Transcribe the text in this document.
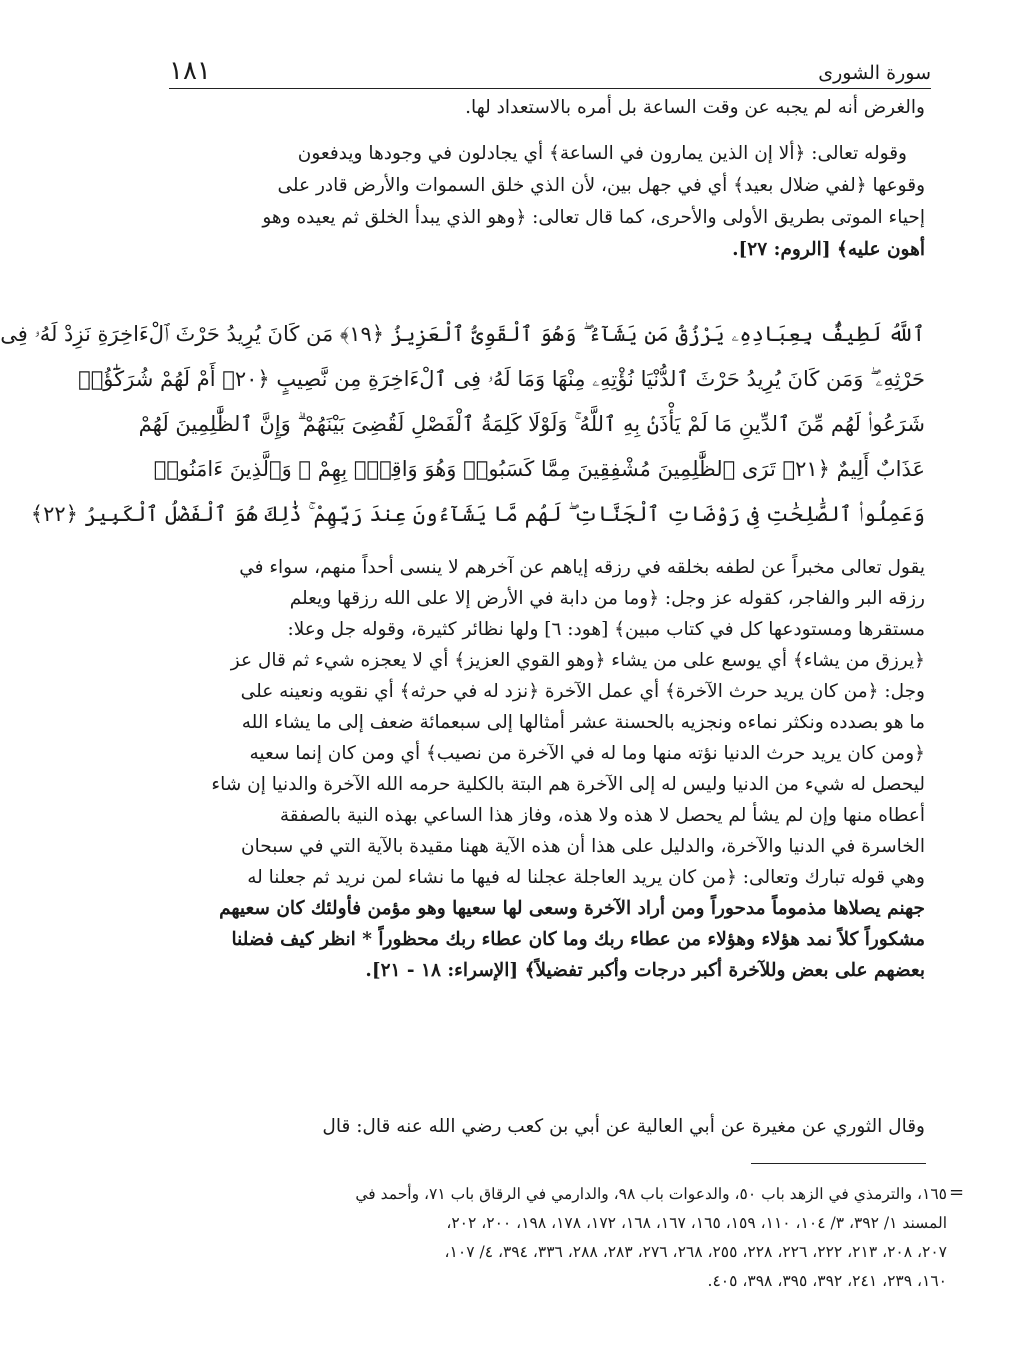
سورة الشورى
١٨١
والغرض أنه لم يجبه عن وقت الساعة بل أمره بالاستعداد لها.
وقوله تعالى: ﴿ألا إن الذين يمارون في الساعة﴾ أي يجادلون في وجودها ويدفعون
وقوعها ﴿لفي ضلال بعيد﴾ أي في جهل بين، لأن الذي خلق السموات والأرض قادر على
إحياء الموتى بطريق الأولى والأحرى، كما قال تعالى: ﴿وهو الذي يبدأ الخلق ثم يعيده وهو
أهون عليه﴾ [الروم: ٢٧].
ٱللَّهُ لَطِيفٌۢ بِعِبَادِهِۦ يَرْزُقُ مَن يَشَآءُ ۖ وَهُوَ ٱلْقَوِىُّ ٱلْعَزِيزُ ﴿١٩﴾ مَن كَانَ يُرِيدُ حَرْثَ ٱلْءَاخِرَةِ نَزِدْ لَهُۥ فِى
حَرْثِهِۦ ۖ وَمَن كَانَ يُرِيدُ حَرْثَ ٱلدُّنْيَا نُؤْتِهِۦ مِنْهَا وَمَا لَهُۥ فِى ٱلْءَاخِرَةِ مِن نَّصِيبٍ ﴿٢٠﴾ أَمْ لَهُمْ شُرَكَٰٓؤُا۟
شَرَعُوا۟ لَهُم مِّنَ ٱلدِّينِ مَا لَمْ يَأْذَنۢ بِهِ ٱللَّهُ ۚ وَلَوْلَا كَلِمَةُ ٱلْفَصْلِ لَقُضِىَ بَيْنَهُمْ ۗ وَإِنَّ ٱلظَّٰلِمِينَ لَهُمْ
عَذَابٌ أَلِيمٌ ﴿٢١﴾ تَرَى ٱلظَّٰلِمِينَ مُشْفِقِينَ مِمَّا كَسَبُوا۟ وَهُوَ وَاقِعٌۢ بِهِمْ ۗ وَٱلَّذِينَ ءَامَنُوا۟
وَعَمِلُوا۟ ٱلصَّٰلِحَٰتِ فِى رَوْضَاتِ ٱلْجَنَّاتِ ۖ لَهُم مَّا يَشَآءُونَ عِندَ رَبِّهِمْ ۚ ذَٰلِكَ هُوَ ٱلْفَضْلُ ٱلْكَبِيرُ ﴿٢٢﴾
يقول تعالى مخبراً عن لطفه بخلقه في رزقه إياهم عن آخرهم لا ينسى أحداً منهم، سواء في
رزقه البر والفاجر، كقوله عز وجل: ﴿وما من دابة في الأرض إلا على الله رزقها ويعلم
مستقرها ومستودعها كل في كتاب مبين﴾ [هود: ٦] ولها نظائر كثيرة، وقوله جل وعلا:
﴿يرزق من يشاء﴾ أي يوسع على من يشاء ﴿وهو القوي العزيز﴾ أي لا يعجزه شيء ثم قال عز
وجل: ﴿من كان يريد حرث الآخرة﴾ أي عمل الآخرة ﴿نزد له في حرثه﴾ أي نقويه ونعينه على
ما هو بصدده ونكثر نماءه ونجزيه بالحسنة عشر أمثالها إلى سبعمائة ضعف إلى ما يشاء الله
﴿ومن كان يريد حرث الدنيا نؤته منها وما له في الآخرة من نصيب﴾ أي ومن كان إنما سعيه
ليحصل له شيء من الدنيا وليس له إلى الآخرة هم البتة بالكلية حرمه الله الآخرة والدنيا إن شاء
أعطاه منها وإن لم يشأ لم يحصل لا هذه ولا هذه، وفاز هذا الساعي بهذه النية بالصفقة
الخاسرة في الدنيا والآخرة، والدليل على هذا أن هذه الآية ههنا مقيدة بالآية التي في سبحان
وهي قوله تبارك وتعالى: ﴿من كان يريد العاجلة عجلنا له فيها ما نشاء لمن نريد ثم جعلنا له
جهنم يصلاها مذموماً مدحوراً ومن أراد الآخرة وسعى لها سعيها وهو مؤمن فأولئك كان سعيهم
مشكوراً كلاً نمد هؤلاء وهؤلاء من عطاء ربك وما كان عطاء ربك محظوراً * انظر كيف فضلنا
بعضهم على بعض وللآخرة أكبر درجات وأكبر تفضيلاً﴾ [الإسراء: ١٨ - ٢١].
وقال الثوري عن مغيرة عن أبي العالية عن أبي بن كعب رضي الله عنه قال: قال
=
١٦٥، والترمذي في الزهد باب ٥٠، والدعوات باب ٩٨، والدارمي في الرقاق باب ٧١، وأحمد في
المسند ١/ ٣٩٢، ٣/ ١٠٤، ١١٠، ١٥٩، ١٦٥، ١٦٧، ١٦٨، ١٧٢، ١٧٨، ١٩٨، ٢٠٠، ٢٠٢،
٢٠٧، ٢٠٨، ٢١٣، ٢٢٢، ٢٢٦، ٢٢٨، ٢٥٥، ٢٦٨، ٢٧٦، ٢٨٣، ٢٨٨، ٣٣٦، ٣٩٤، ٤/ ١٠٧،
١٦٠، ٢٣٩، ٢٤١، ٣٩٢، ٣٩٥، ٣٩٨، ٤٠٥.
